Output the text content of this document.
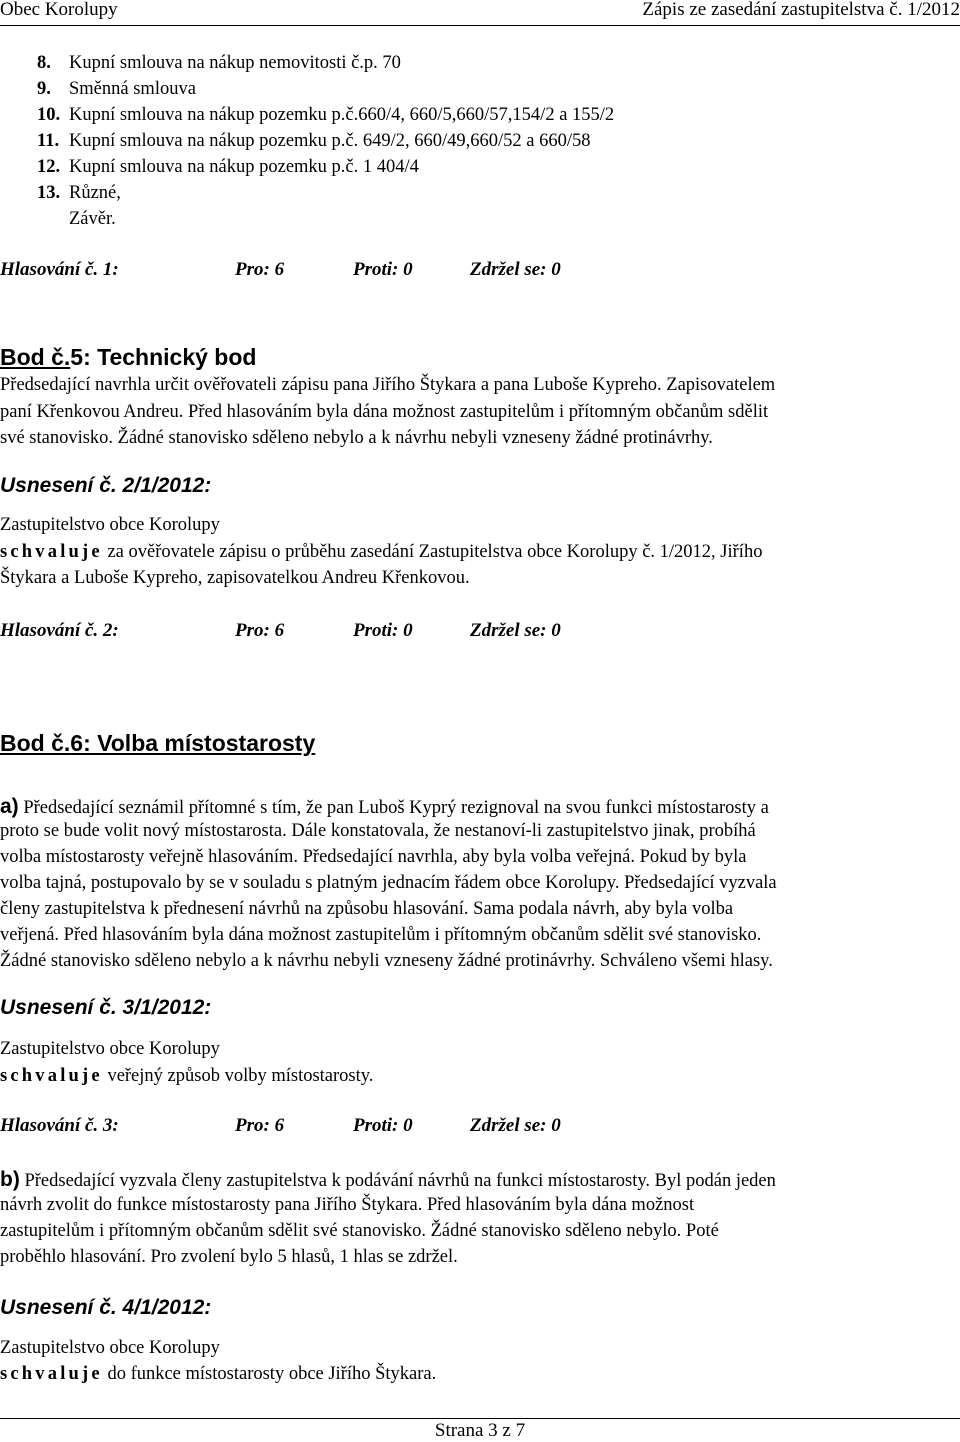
Obec Korolupy	Zápis ze zasedání zastupitelstva č. 1/2012
8. Kupní smlouva na nákup nemovitosti č.p. 70
9. Směnná smlouva
10. Kupní smlouva na nákup pozemku p.č.660/4, 660/5,660/57,154/2 a 155/2
11. Kupní smlouva na nákup pozemku p.č. 649/2, 660/49,660/52 a 660/58
12. Kupní smlouva na nákup pozemku p.č. 1 404/4
13. Různé,
Závěr.
Hlasování č. 1:	Pro: 6	Proti: 0	Zdržel se: 0
Bod č.5: Technický bod
Předsedající navrhla určit ověřovateli zápisu pana Jiřího Štykara a pana Luboše Kypreho. Zapisovatelem
paní Křenkovou Andreu. Před hlasováním byla dána možnost zastupitelům i přítomným občanům sdělit
své stanovisko. Žádné stanovisko sděleno nebylo a k návrhu nebyli vzneseny žádné protinávrhy.
Usnesení č. 2/1/2012:
Zastupitelstvo obce Korolupy
schvaluje za ověřovatele zápisu o průběhu zasedání Zastupitelstva obce Korolupy č. 1/2012, Jiřího
Štykara a Luboše Kypreho, zapisovatelkou Andreu Křenkovou.
Hlasování č. 2:	Pro: 6	Proti: 0	Zdržel se: 0
Bod č.6: Volba místostarosty
a) Předsedající seznámil přítomné s tím, že pan Luboš Kyprý rezignoval na svou funkci místostarosty a
proto se bude volit nový místostarosta. Dále konstatovala, že nestanoví-li zastupitelstvo jinak, probíhá
volba místostarosty veřejně hlasováním. Předsedající navrhla, aby byla volba veřejná. Pokud by byla
volba tajná, postupovalo by se v souladu s platným jednacím řádem obce Korolupy. Předsedající vyzvala
členy zastupitelstva k přednesení návrhů na způsobu hlasování. Sama podala návrh, aby byla volba
veřjená. Před hlasováním byla dána možnost zastupitelům i přítomným občanům sdělit své stanovisko.
Žádné stanovisko sděleno nebylo a k návrhu nebyli vzneseny žádné protinávrhy. Schváleno všemi hlasy.
Usnesení č. 3/1/2012:
Zastupitelstvo obce Korolupy
schvaluje veřejný způsob volby místostarosty.
Hlasování č. 3:	Pro: 6	Proti: 0	Zdržel se: 0
b) Předsedající vyzvala členy zastupitelstva k podávání návrhů na funkci místostarosty. Byl podán jeden
návrh zvolit do funkce místostarosty pana Jiřího Štykara. Před hlasováním byla dána možnost
zastupitelům i přítomným občanům sdělit své stanovisko. Žádné stanovisko sděleno nebylo. Poté
proběhlo hlasování. Pro zvolení bylo 5 hlasů, 1 hlas se zdržel.
Usnesení č. 4/1/2012:
Zastupitelstvo obce Korolupy
schvaluje do funkce místostarosty obce Jiřího Štykara.
Strana 3 z 7
